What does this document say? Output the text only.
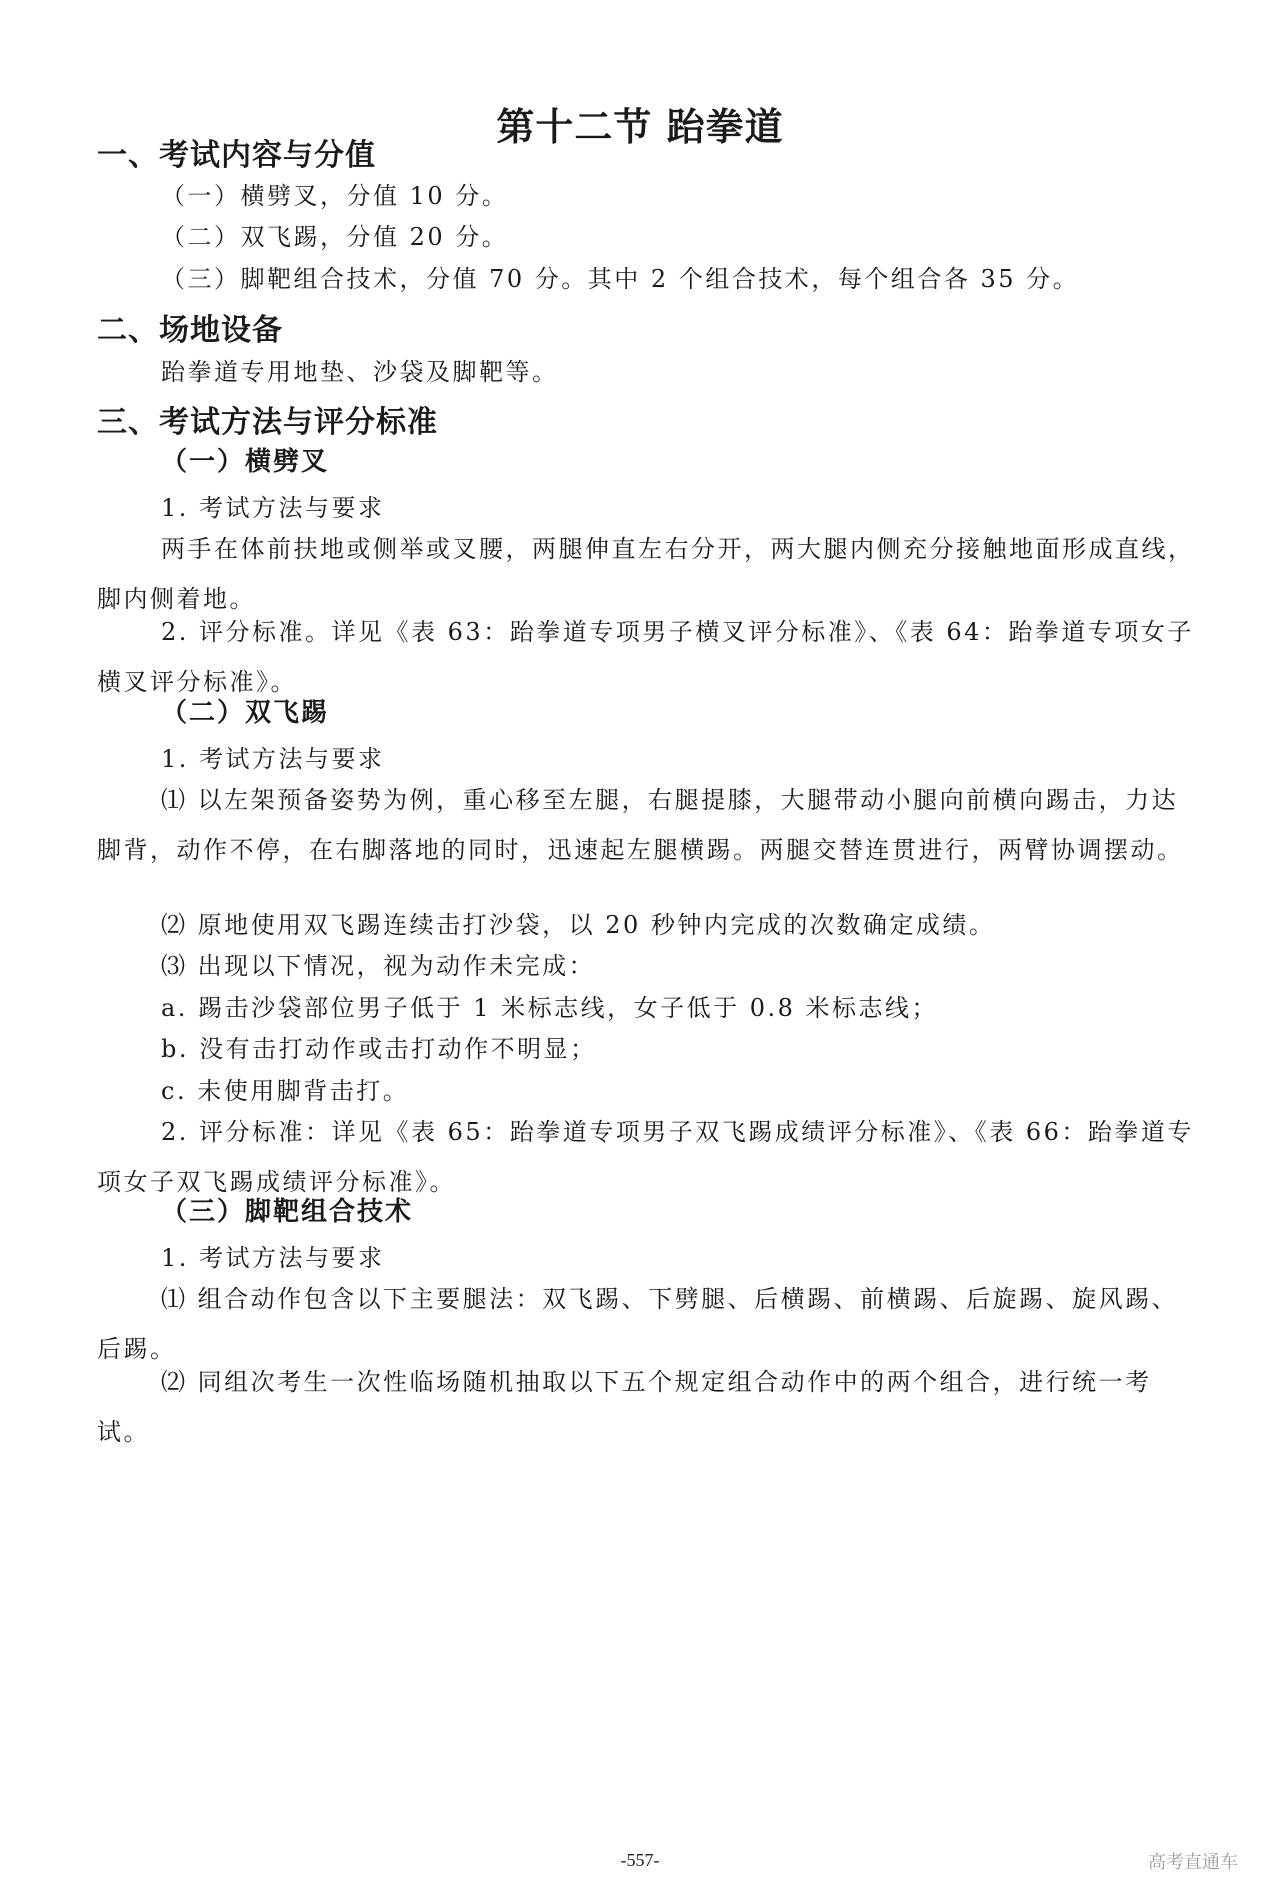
第十二节 跆拳道
一、考试内容与分值

（一）横劈叉，分值 10 分。

（二）双飞踢，分值 20 分。

（三）脚靶组合技术，分值 70 分。其中 2 个组合技术，每个组合各 35 分。

二、场地设备

跆拳道专用地垫、沙袋及脚靶等。

三、考试方法与评分标准
（一）横劈叉

1. 考试方法与要求

两手在体前扶地或侧举或叉腰，两腿伸直左右分开，两大腿内侧充分接触地面形成直线，脚内侧着地。

2. 评分标准。详见《表 63：跆拳道专项男子横叉评分标准》、《表 64：跆拳道专项女子横叉评分标准》。

（二）双飞踢

1. 考试方法与要求

⑴ 以左架预备姿势为例，重心移至左腿，右腿提膝，大腿带动小腿向前横向踢击，力达脚背，动作不停，在右脚落地的同时，迅速起左腿横踢。两腿交替连贯进行，两臂协调摆动。

⑵ 原地使用双飞踢连续击打沙袋，以 20 秒钟内完成的次数确定成绩。

⑶ 出现以下情况，视为动作未完成：

a. 踢击沙袋部位男子低于 1 米标志线，女子低于 0.8 米标志线；

b. 没有击打动作或击打动作不明显；

c. 未使用脚背击打。

2. 评分标准：详见《表 65：跆拳道专项男子双飞踢成绩评分标准》、《表 66：跆拳道专项女子双飞踢成绩评分标准》。

（三）脚靶组合技术

1. 考试方法与要求

⑴ 组合动作包含以下主要腿法：双飞踢、下劈腿、后横踢、前横踢、后旋踢、旋风踢、后踢。

⑵ 同组次考生一次性临场随机抽取以下五个规定组合动作中的两个组合，进行统一考试。

-557-	高考直通车
